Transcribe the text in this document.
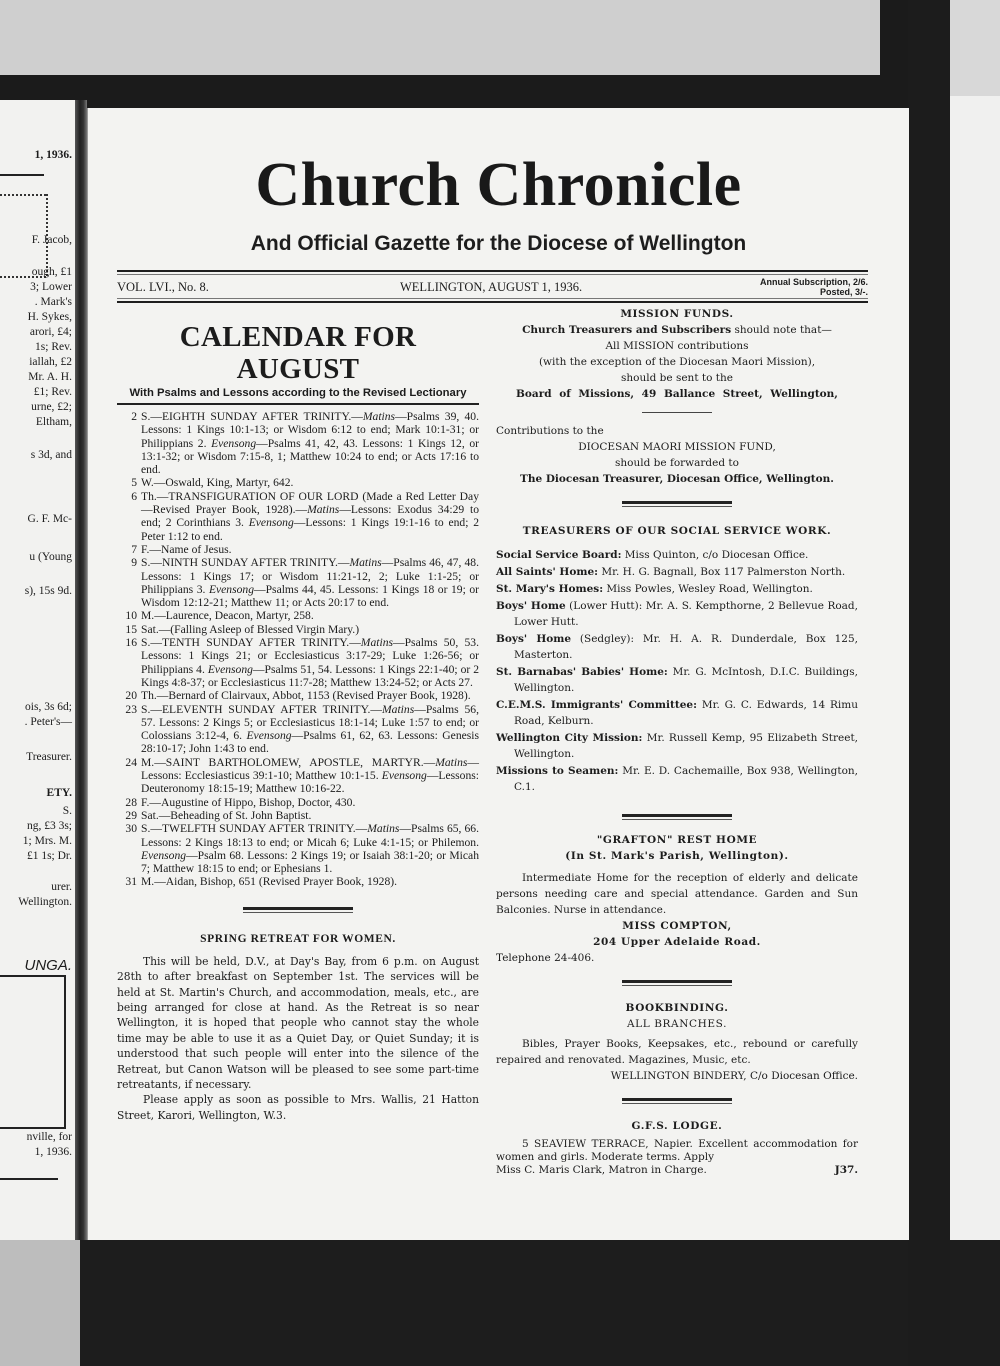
1, 1936.
F. Jacob,
ough, £1
3; Lower
. Mark's
H. Sykes,
arori, £4;
1s; Rev.
iallah, £2
Mr. A. H.
£1; Rev.
urne, £2;
Eltham,
s 3d, and
G. F. Mc-
u (Young
s), 15s 9d.
ois, 3s 6d;
. Peter's—
Treasurer.
ETY.
S.
ng, £3 3s;
1; Mrs. M.
£1 1s; Dr.
urer.
Wellington.
UNGA.
nville, for
1, 1936.
Church Chronicle
And Official Gazette for the Diocese of Wellington
VOL. LVI., No. 8.	WELLINGTON, AUGUST 1, 1936.	Annual Subscription, 2/6.
Posted, 3/-.
CALENDAR FOR AUGUST
With Psalms and Lessons according to the Revised Lectionary
2 S.—EIGHTH SUNDAY AFTER TRINITY.—Matins—Psalms 39, 40. Lessons: 1 Kings 10:1-13; or Wisdom 6:12 to end; Mark 10:1-31; or Philippians 2. Evensong—Psalms 41, 42, 43. Lessons: 1 Kings 12, or 13:1-32; or Wisdom 7:15-8, 1; Matthew 10:24 to end; or Acts 17:16 to end.
5 W.—Oswald, King, Martyr, 642.
6 Th.—TRANSFIGURATION OF OUR LORD (Made a Red Letter Day—Revised Prayer Book, 1928).—Matins—Lessons: Exodus 34:29 to end; 2 Corinthians 3. Evensong—Lessons: 1 Kings 19:1-16 to end; 2 Peter 1:12 to end.
7 F.—Name of Jesus.
9 S.—NINTH SUNDAY AFTER TRINITY.—Matins—Psalms 46, 47, 48. Lessons: 1 Kings 17; or Wisdom 11:21-12, 2; Luke 1:1-25; or Philippians 3. Evensong—Psalms 44, 45. Lessons: 1 Kings 18 or 19; or Wisdom 12:12-21; Matthew 11; or Acts 20:17 to end.
10 M.—Laurence, Deacon, Martyr, 258.
15 Sat.—(Falling Asleep of Blessed Virgin Mary.)
16 S.—TENTH SUNDAY AFTER TRINITY.—Matins—Psalms 50, 53. Lessons: 1 Kings 21; or Ecclesiasticus 3:17-29; Luke 1:26-56; or Philippians 4. Evensong—Psalms 51, 54. Lessons: 1 Kings 22:1-40; or 2 Kings 4:8-37; or Ecclesiasticus 11:7-28; Matthew 13:24-52; or Acts 27.
20 Th.—Bernard of Clairvaux, Abbot, 1153 (Revised Prayer Book, 1928).
23 S.—ELEVENTH SUNDAY AFTER TRINITY.—Matins—Psalms 56, 57. Lessons: 2 Kings 5; or Ecclesiasticus 18:1-14; Luke 1:57 to end; or Colossians 3:12-4, 6. Evensong—Psalms 61, 62, 63. Lessons: Genesis 28:10-17; John 1:43 to end.
24 M.—SAINT BARTHOLOMEW, APOSTLE, MARTYR.—Matins—Lessons: Ecclesiasticus 39:1-10; Matthew 10:1-15. Evensong—Lessons: Deuteronomy 18:15-19; Matthew 10:16-22.
28 F.—Augustine of Hippo, Bishop, Doctor, 430.
29 Sat.—Beheading of St. John Baptist.
30 S.—TWELFTH SUNDAY AFTER TRINITY.—Matins—Psalms 65, 66. Lessons: 2 Kings 18:13 to end; or Micah 6; Luke 4:1-15; or Philemon. Evensong—Psalm 68. Lessons: 2 Kings 19; or Isaiah 38:1-20; or Micah 7; Matthew 18:15 to end; or Ephesians 1.
31 M.—Aidan, Bishop, 651 (Revised Prayer Book, 1928).
SPRING RETREAT FOR WOMEN.

This will be held, D.V., at Day's Bay, from 6 p.m. on August 28th to after breakfast on September 1st. The services will be held at St. Martin's Church, and accommodation, meals, etc., are being arranged for close at hand. As the Retreat is so near Wellington, it is hoped that people who cannot stay the whole time may be able to use it as a Quiet Day, or Quiet Sunday; it is understood that such people will enter into the silence of the Retreat, but Canon Watson will be pleased to see some part-time retreatants, if necessary.

Please apply as soon as possible to Mrs. Wallis, 21 Hatton Street, Karori, Wellington, W.3.

MISSION FUNDS.
Church Treasurers and Subscribers should note that—
All MISSION contributions
(with the exception of the Diocesan Maori Mission),
should be sent to the
Board of Missions, 49 Ballance Street, Wellington,
Contributions to the
DIOCESAN MAORI MISSION FUND,
should be forwarded to
The Diocesan Treasurer, Diocesan Office, Wellington.
TREASURERS OF OUR SOCIAL SERVICE WORK.
Social Service Board: Miss Quinton, c/o Diocesan Office.
All Saints' Home: Mr. H. G. Bagnall, Box 117 Palmerston North.
St. Mary's Homes: Miss Powles, Wesley Road, Wellington.
Boys' Home (Lower Hutt): Mr. A. S. Kempthorne, 2 Bellevue Road, Lower Hutt.
Boys' Home (Sedgley): Mr. H. A. R. Dunderdale, Box 125, Masterton.
St. Barnabas' Babies' Home: Mr. G. McIntosh, D.I.C. Buildings, Wellington.
C.E.M.S. Immigrants' Committee: Mr. G. C. Edwards, 14 Rimu Road, Kelburn.
Wellington City Mission: Mr. Russell Kemp, 95 Elizabeth Street, Wellington.
Missions to Seamen: Mr. E. D. Cachemaille, Box 938, Wellington, C.1.
"GRAFTON" REST HOME
(In St. Mark's Parish, Wellington).

Intermediate Home for the reception of elderly and delicate persons needing care and special attendance. Garden and Sun Balconies. Nurse in attendance.

MISS COMPTON,
204 Upper Adelaide Road.
Telephone 24-406.
BOOKBINDING.
ALL BRANCHES.

Bibles, Prayer Books, Keepsakes, etc., rebound or carefully repaired and renovated. Magazines, Music, etc.

WELLINGTON BINDERY, C/o Diocesan Office.
G.F.S. LODGE.

5 SEAVIEW TERRACE, Napier. Excellent accommodation for women and girls. Moderate terms. Apply

Miss C. Maris Clark, Matron in Charge.	J37.
